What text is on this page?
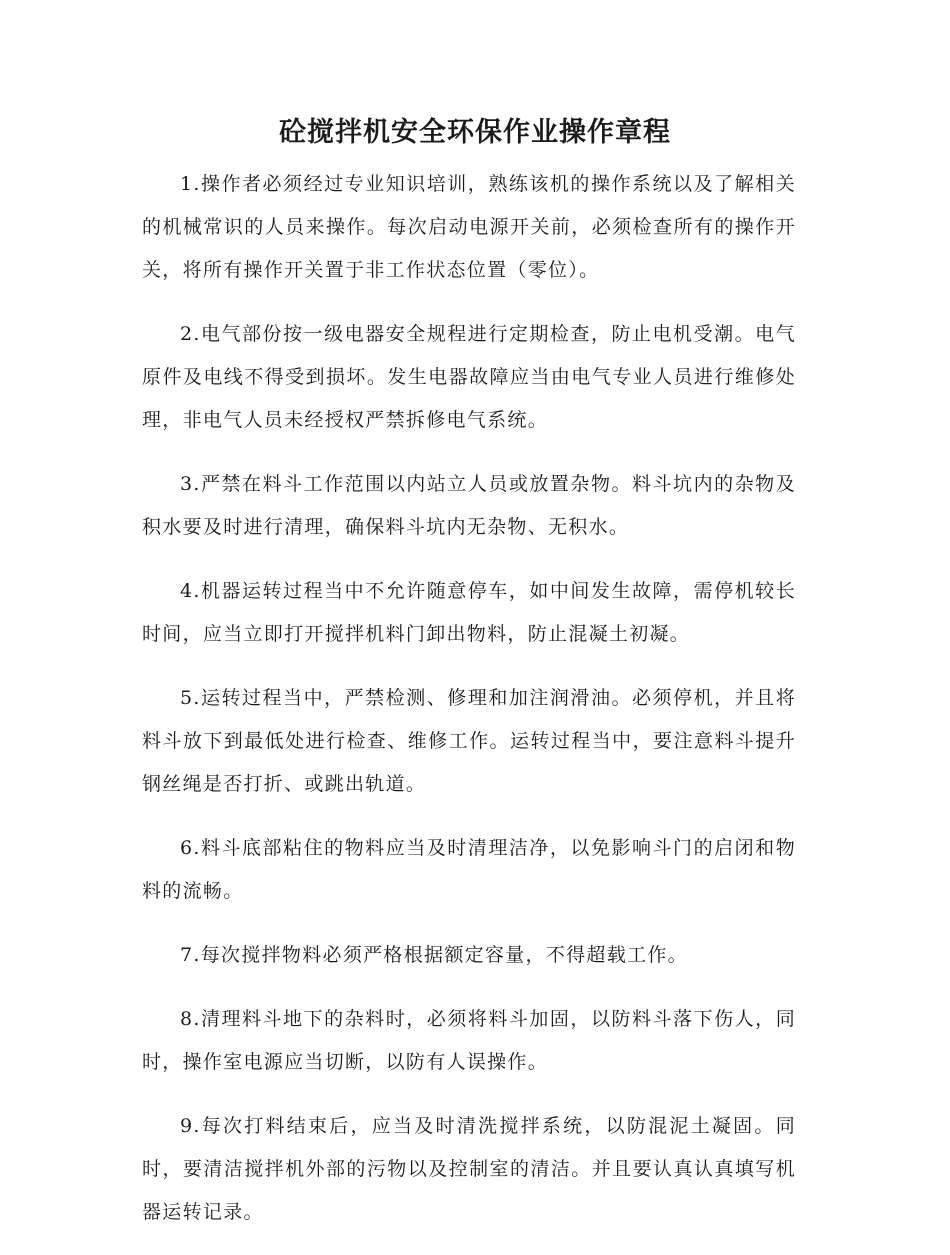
砼搅拌机安全环保作业操作章程

1.操作者必须经过专业知识培训，熟练该机的操作系统以及了解相关的机械常识的人员来操作。每次启动电源开关前，必须检查所有的操作开关，将所有操作开关置于非工作状态位置（零位）。

2.电气部份按一级电器安全规程进行定期检查，防止电机受潮。电气原件及电线不得受到损坏。发生电器故障应当由电气专业人员进行维修处理，非电气人员未经授权严禁拆修电气系统。

3.严禁在料斗工作范围以内站立人员或放置杂物。料斗坑内的杂物及积水要及时进行清理，确保料斗坑内无杂物、无积水。

4.机器运转过程当中不允许随意停车，如中间发生故障，需停机较长时间，应当立即打开搅拌机料门卸出物料，防止混凝土初凝。

5.运转过程当中，严禁检测、修理和加注润滑油。必须停机，并且将料斗放下到最低处进行检查、维修工作。运转过程当中，要注意料斗提升钢丝绳是否打折、或跳出轨道。

6.料斗底部粘住的物料应当及时清理洁净，以免影响斗门的启闭和物料的流畅。

7.每次搅拌物料必须严格根据额定容量，不得超载工作。

8.清理料斗地下的杂料时，必须将料斗加固，以防料斗落下伤人，同时，操作室电源应当切断，以防有人误操作。

9.每次打料结束后，应当及时清洗搅拌系统，以防混泥土凝固。同时，要清洁搅拌机外部的污物以及控制室的清洁。并且要认真认真填写机器运转记录。
